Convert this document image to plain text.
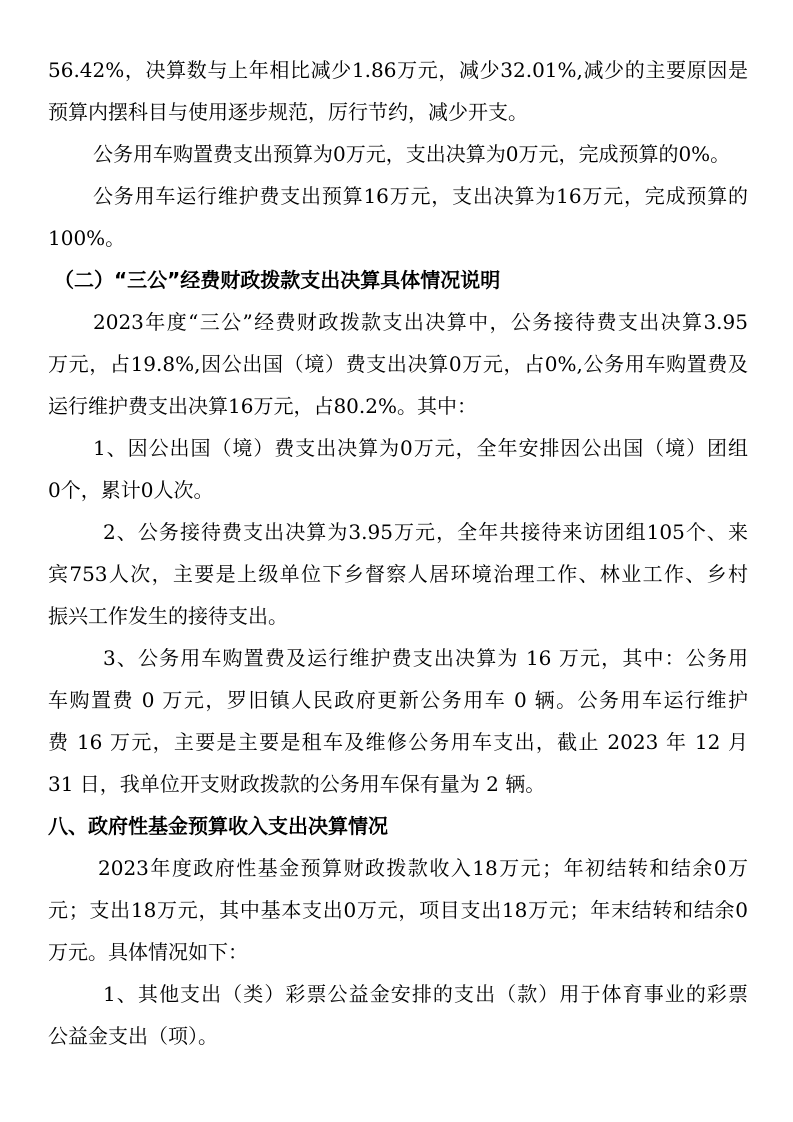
56.42%，决算数与上年相比减少1.86万元，减少32.01%,减少的主要原因是
预算内摆科目与使用逐步规范，厉行节约，减少开支。
公务用车购置费支出预算为0万元，支出决算为0万元，完成预算的0%。
公务用车运行维护费支出预算16万元，支出决算为16万元，完成预算的
100%。
（二）“三公”经费财政拨款支出决算具体情况说明
2023年度“三公”经费财政拨款支出决算中，公务接待费支出决算3.95
万元，占19.8%,因公出国（境）费支出决算0万元，占0%,公务用车购置费及
运行维护费支出决算16万元，占80.2%。其中：
1、因公出国（境）费支出决算为0万元，全年安排因公出国（境）团组
0个，累计0人次。
2、公务接待费支出决算为3.95万元，全年共接待来访团组105个、来
宾753人次，主要是上级单位下乡督察人居环境治理工作、林业工作、乡村
振兴工作发生的接待支出。
3、公务用车购置费及运行维护费支出决算为 16 万元，其中：公务用
车购置费 0 万元，罗旧镇人民政府更新公务用车 0 辆。公务用车运行维护
费 16 万元，主要是主要是租车及维修公务用车支出，截止 2023 年 12 月
31 日，我单位开支财政拨款的公务用车保有量为 2 辆。
八、政府性基金预算收入支出决算情况
2023年度政府性基金预算财政拨款收入18万元；年初结转和结余0万
元；支出18万元，其中基本支出0万元，项目支出18万元；年末结转和结余0
万元。具体情况如下：
1、其他支出（类）彩票公益金安排的支出（款）用于体育事业的彩票
公益金支出（项）。
